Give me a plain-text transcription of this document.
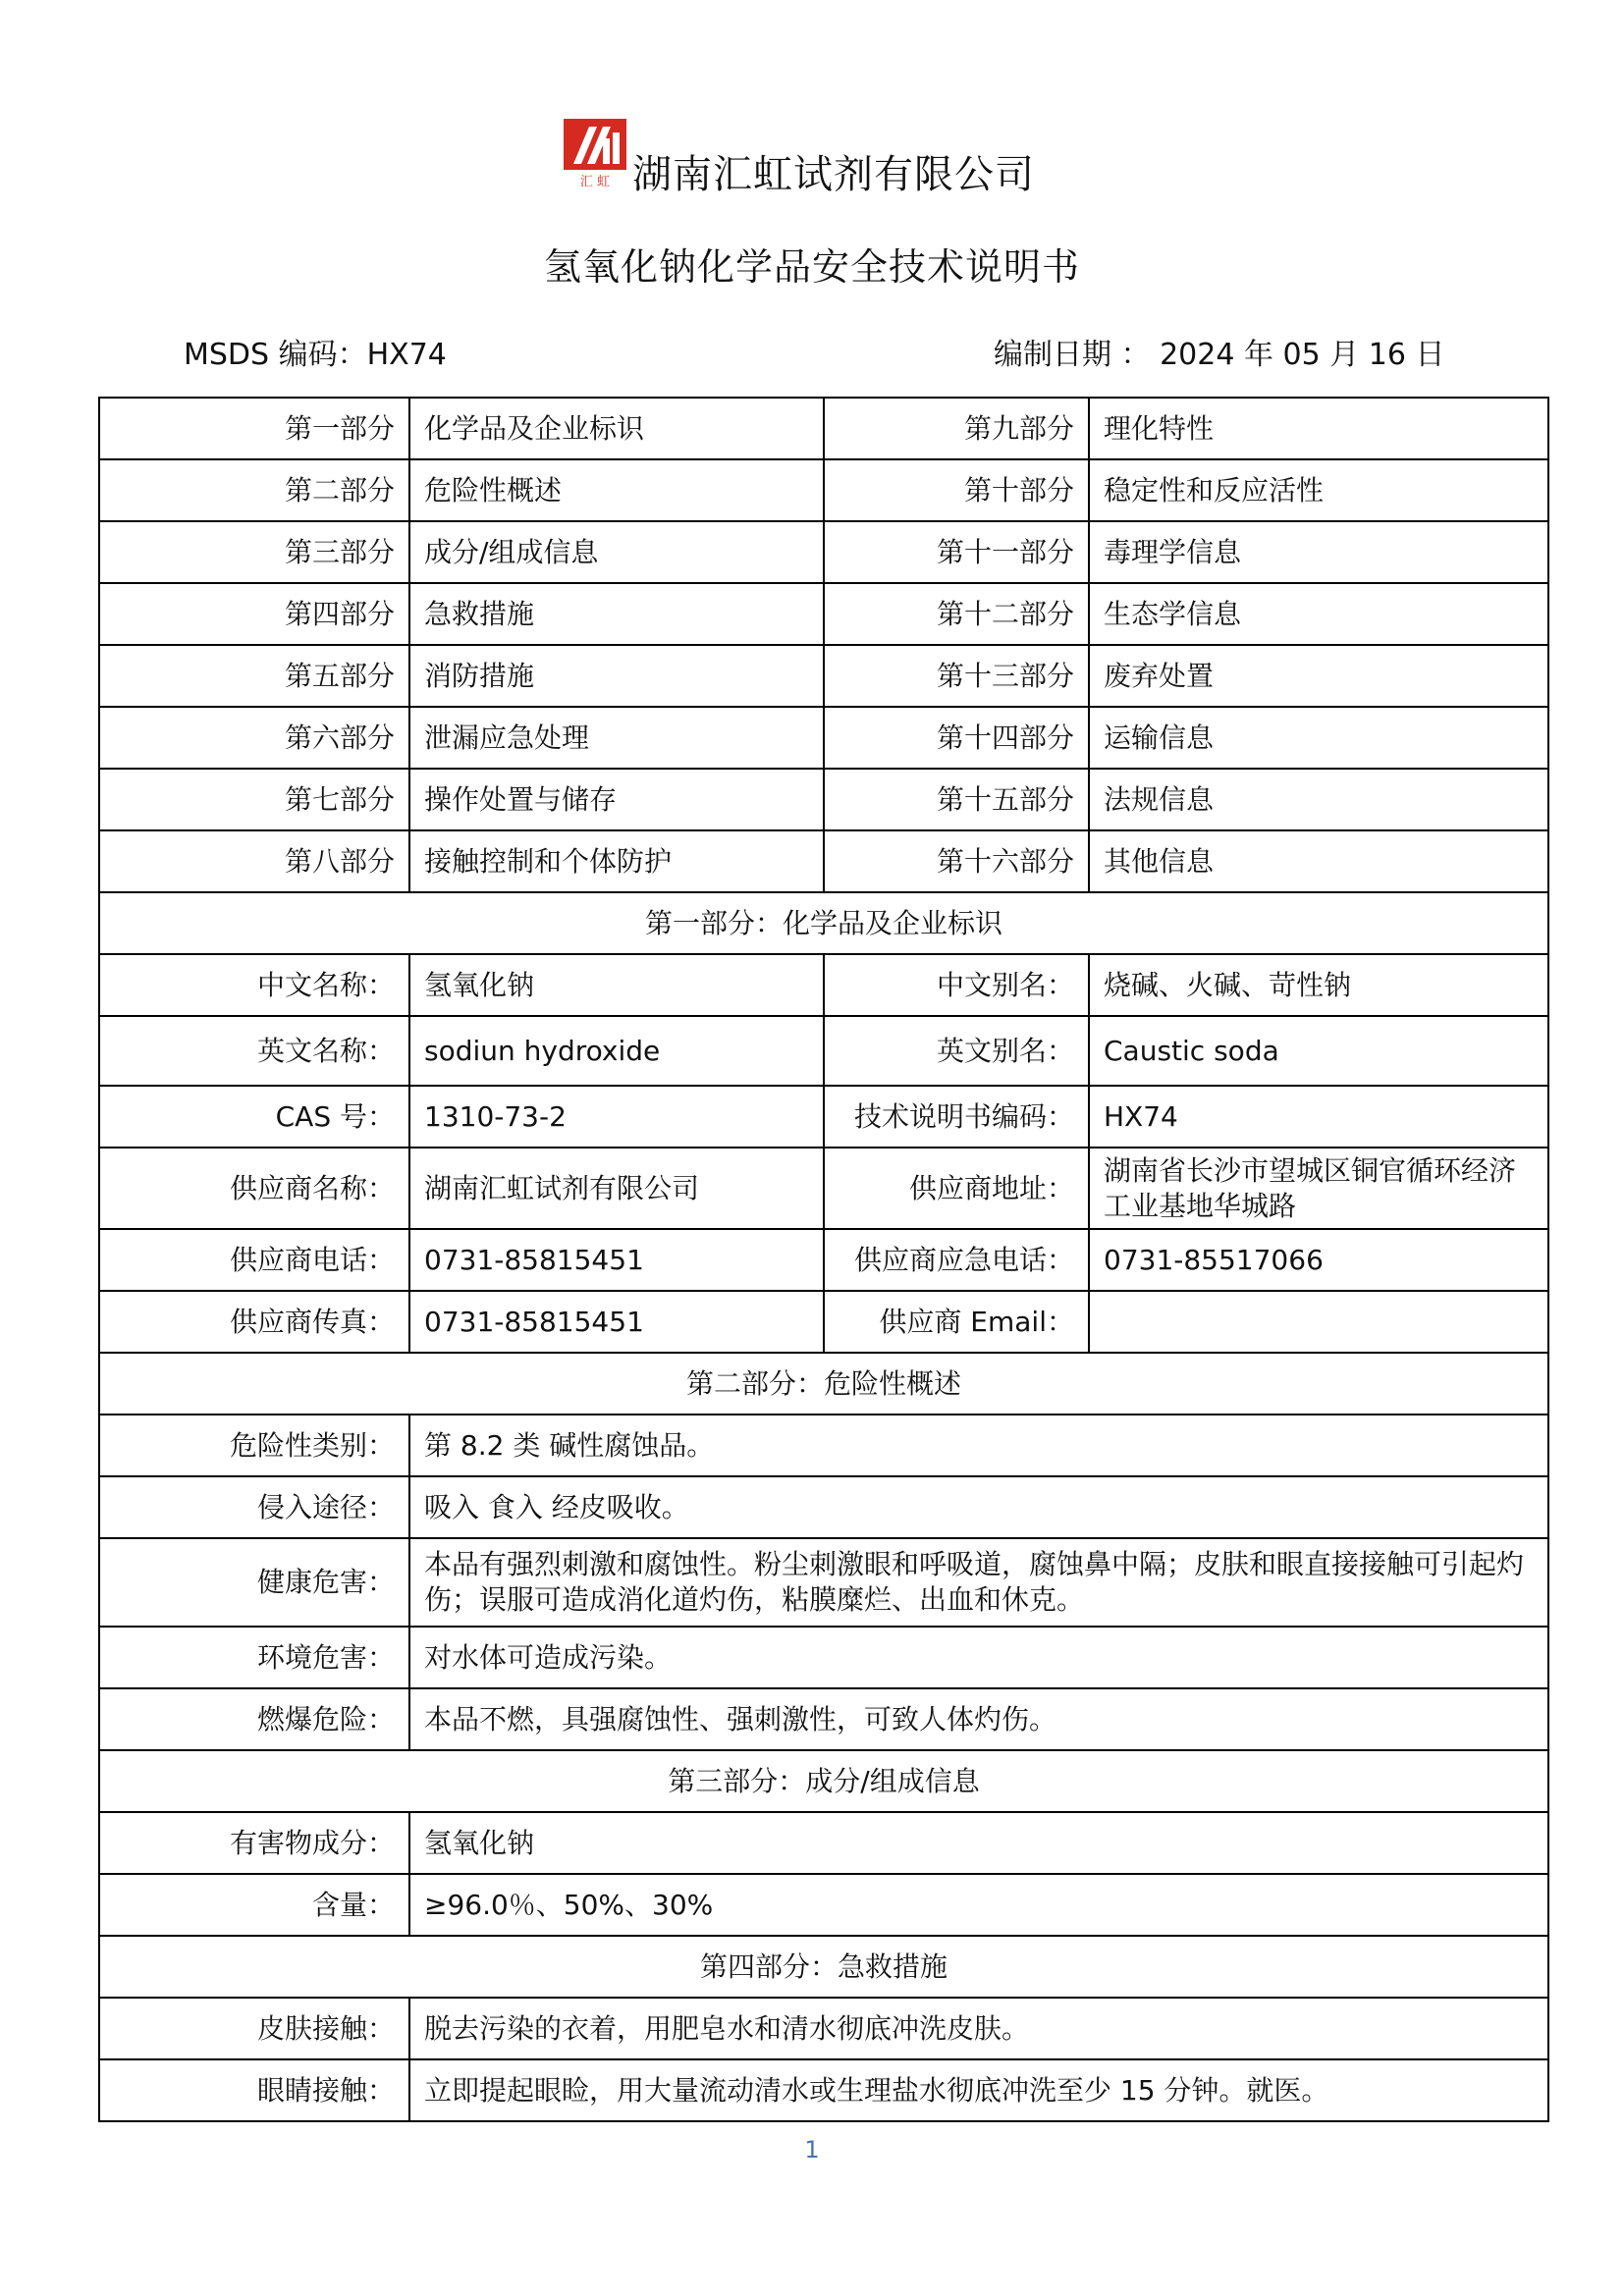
汇 虹 湖南汇虹试剂有限公司
氢氧化钠化学品安全技术说明书
MSDS 编码：HX74	编制日期 ： 2024 年 05 月 16 日
第一部分	化学品及企业标识	第九部分	理化特性
第二部分	危险性概述	第十部分	稳定性和反应活性
第三部分	成分/组成信息	第十一部分	毒理学信息
第四部分	急救措施	第十二部分	生态学信息
第五部分	消防措施	第十三部分	废弃处置
第六部分	泄漏应急处理	第十四部分	运输信息
第七部分	操作处置与储存	第十五部分	法规信息
第八部分	接触控制和个体防护	第十六部分	其他信息
第一部分：化学品及企业标识			
中文名称：	氢氧化钠	中文别名：	烧碱、火碱、苛性钠
英文名称：	sodiun hydroxide	英文别名：	Caustic soda
CAS 号：	1310-73-2	技术说明书编码：	HX74
供应商名称：	湖南汇虹试剂有限公司	供应商地址：	湖南省长沙市望城区铜官循环经济工业基地华城路
供应商电话：	0731-85815451	供应商应急电话：	0731-85517066
供应商传真：	0731-85815451	供应商 Email：	
第二部分：危险性概述			
危险性类别：	第 8.2 类 碱性腐蚀品。		
侵入途径：	吸入 食入 经皮吸收。		
健康危害：	本品有强烈刺激和腐蚀性。粉尘刺激眼和呼吸道，腐蚀鼻中隔；皮肤和眼直接接触可引起灼伤；误服可造成消化道灼伤，粘膜糜烂、出血和休克。		
环境危害：	对水体可造成污染。		
燃爆危险：	本品不燃，具强腐蚀性、强刺激性，可致人体灼伤。		
第三部分：成分/组成信息			
有害物成分：	氢氧化钠		
含量：	≥96.0％、50%、30%		
第四部分：急救措施			
皮肤接触：	脱去污染的衣着，用肥皂水和清水彻底冲洗皮肤。		
眼睛接触：	立即提起眼睑，用大量流动清水或生理盐水彻底冲洗至少 15 分钟。就医。		
1
